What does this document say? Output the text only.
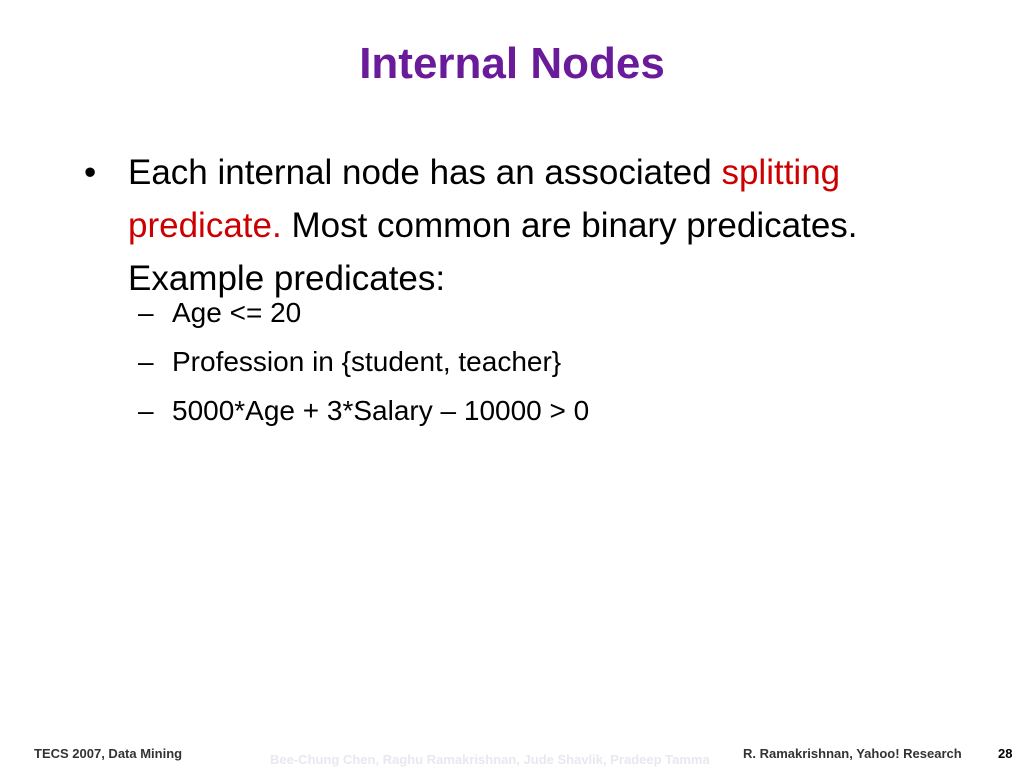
Internal Nodes
• Each internal node has an associated splitting predicate. Most common are binary predicates. Example predicates:
– Age <= 20
– Profession in {student, teacher}
– 5000*Age + 3*Salary – 10000 > 0
TECS 2007, Data Mining	Bee-Chung Chen, Raghu Ramakrishnan, Jude Shavlik, Pradeep Tamma	R. Ramakrishnan, Yahoo! Research	28
